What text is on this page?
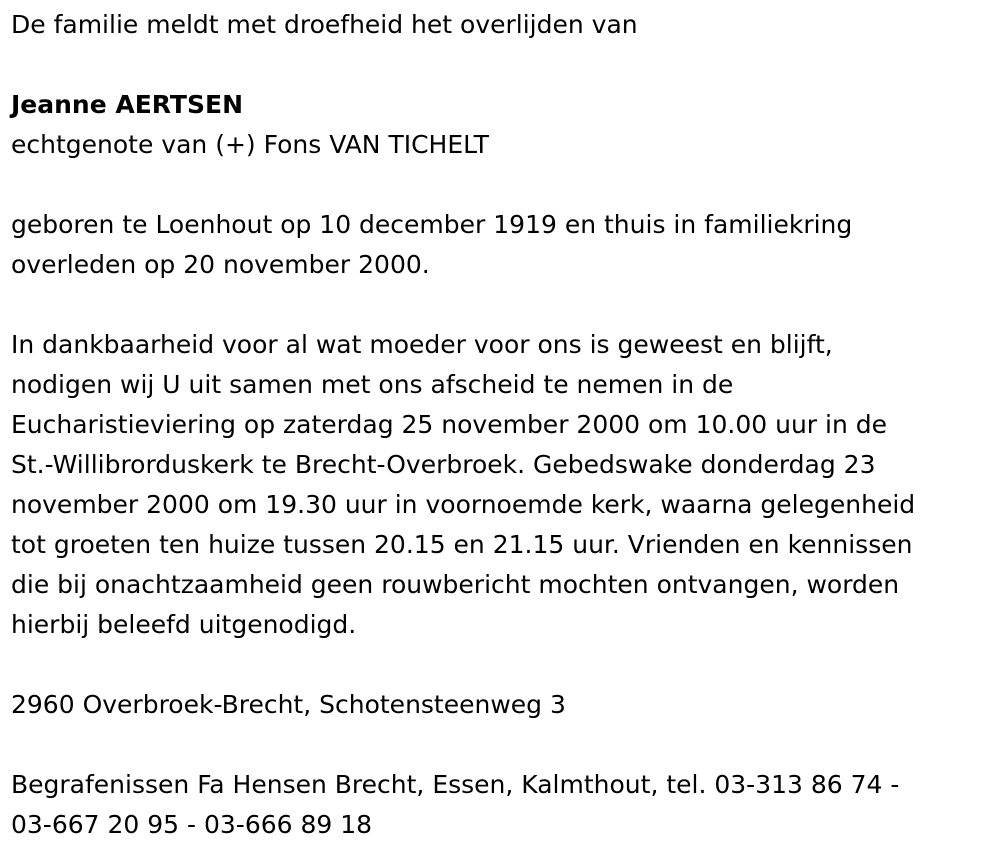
De familie meldt met droefheid het overlijden van

Jeanne AERTSEN

echtgenote van (+) Fons VAN TICHELT

geboren te Loenhout op 10 december 1919 en thuis in familiekring

overleden op 20 november 2000.

In dankbaarheid voor al wat moeder voor ons is geweest en blijft,

nodigen wij U uit samen met ons afscheid te nemen in de

Eucharistieviering op zaterdag 25 november 2000 om 10.00 uur in de

St.-Willibrorduskerk te Brecht-Overbroek. Gebedswake donderdag 23

november 2000 om 19.30 uur in voornoemde kerk, waarna gelegenheid

tot groeten ten huize tussen 20.15 en 21.15 uur. Vrienden en kennissen

die bij onachtzaamheid geen rouwbericht mochten ontvangen, worden

hierbij beleefd uitgenodigd.

2960 Overbroek-Brecht, Schotensteenweg 3

Begrafenissen Fa Hensen Brecht, Essen, Kalmthout, tel. 03-313 86 74 -

03-667 20 95 - 03-666 89 18
